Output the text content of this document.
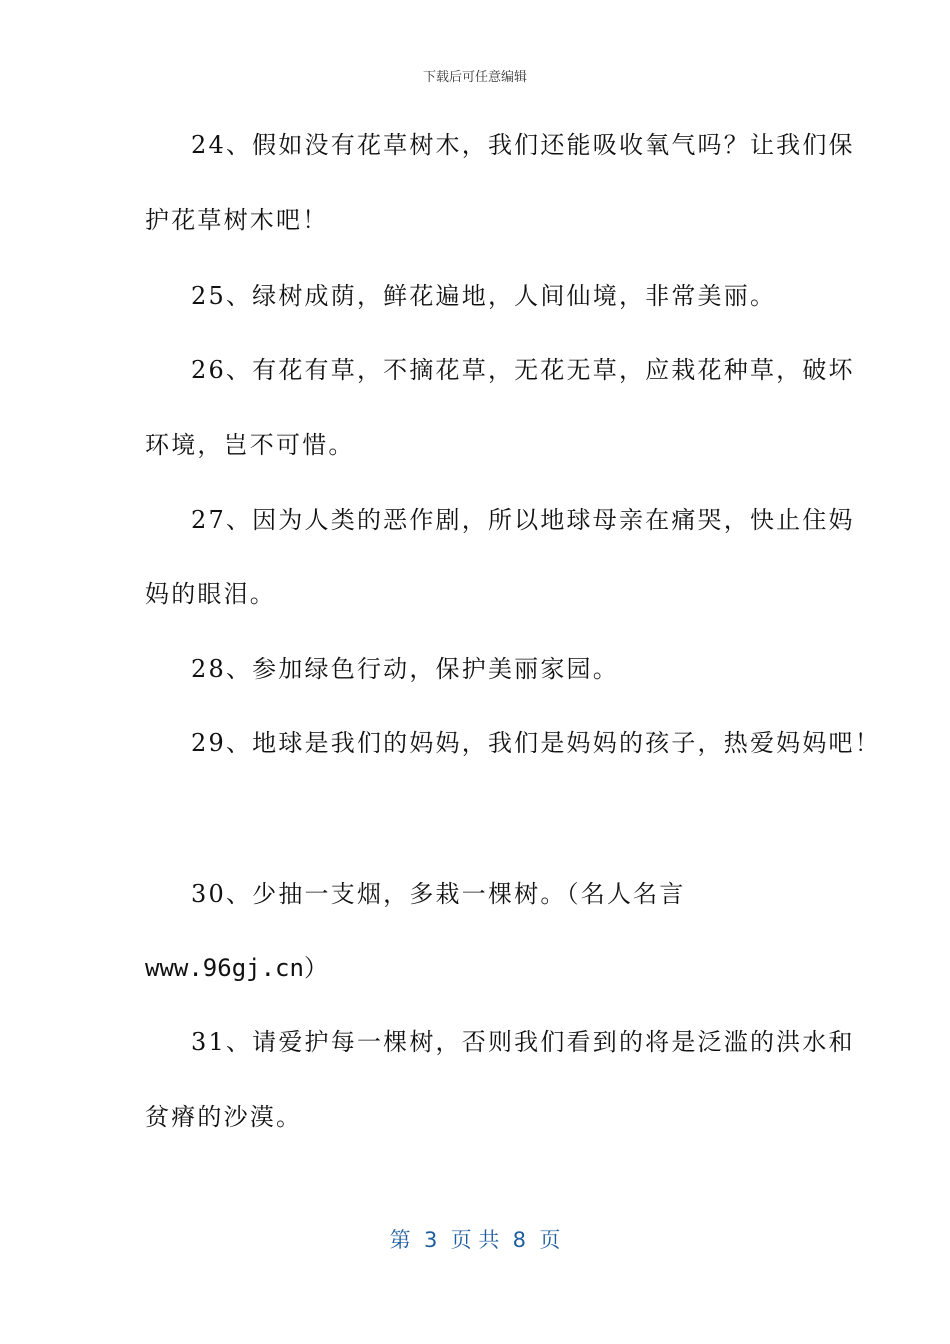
下载后可任意编辑
24、假如没有花草树木，我们还能吸收氧气吗？让我们保
护花草树木吧！
25、绿树成荫，鲜花遍地，人间仙境，非常美丽。
26、有花有草，不摘花草，无花无草，应栽花种草，破坏
环境，岂不可惜。
27、因为人类的恶作剧，所以地球母亲在痛哭，快止住妈
妈的眼泪。
28、参加绿色行动，保护美丽家园。
29、地球是我们的妈妈，我们是妈妈的孩子，热爱妈妈吧！
30、少抽一支烟，多栽一棵树。（名人名言
www.96gj.cn）
31、请爱护每一棵树，否则我们看到的将是泛滥的洪水和
贫瘠的沙漠。
第  3  页 共  8  页
